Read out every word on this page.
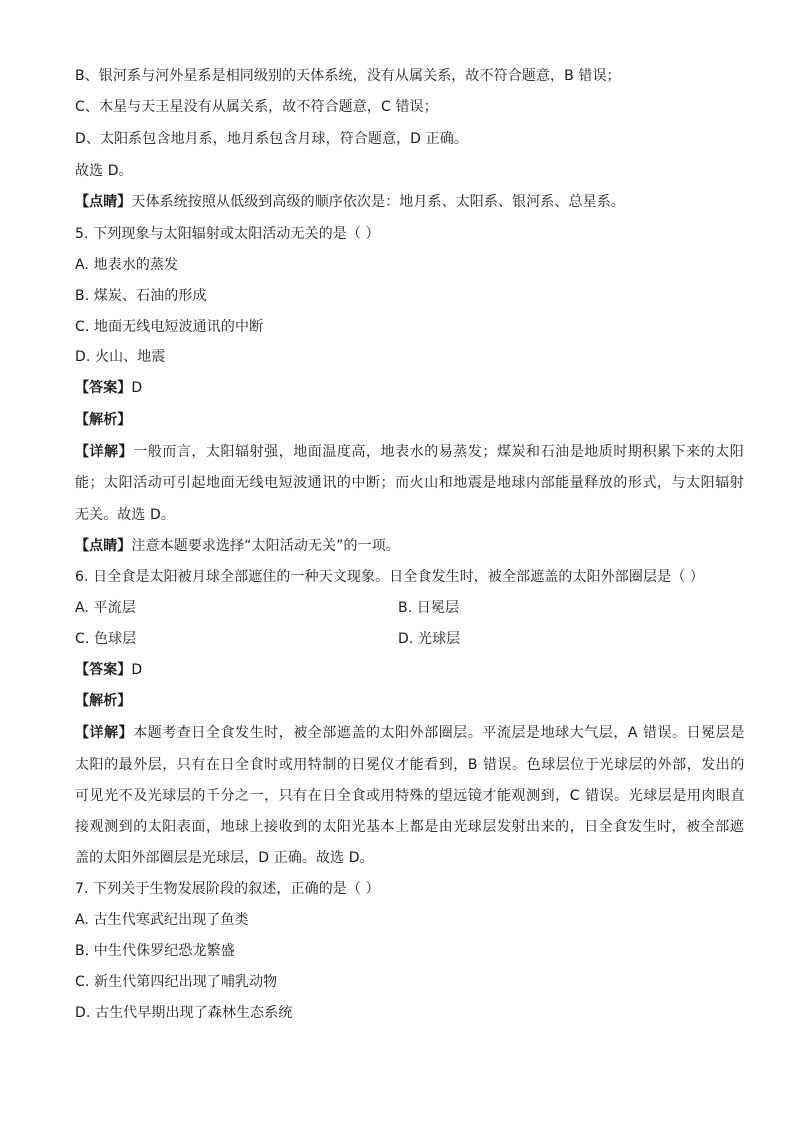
B、银河系与河外星系是相同级别的天体系统，没有从属关系，故不符合题意，B 错误；
C、木星与天王星没有从属关系，故不符合题意，C 错误；
D、太阳系包含地月系，地月系包含月球，符合题意，D 正确。
故选 D。
【点睛】天体系统按照从低级到高级的顺序依次是：地月系、太阳系、银河系、总星系。
5. 下列现象与太阳辐射或太阳活动无关的是（ ）
A. 地表水的蒸发
B. 煤炭、石油的形成
C. 地面无线电短波通讯的中断
D. 火山、地震
【答案】D
【解析】
【详解】一般而言，太阳辐射强，地面温度高，地表水的易蒸发；煤炭和石油是地质时期积累下来的太阳
能；太阳活动可引起地面无线电短波通讯的中断；而火山和地震是地球内部能量释放的形式，与太阳辐射
无关。故选 D。
【点睛】注意本题要求选择“太阳活动无关”的一项。
6. 日全食是太阳被月球全部遮住的一种天文现象。日全食发生时，被全部遮盖的太阳外部圈层是（ ）
A. 平流层	B. 日冕层
C. 色球层	D. 光球层
【答案】D
【解析】
【详解】本题考查日全食发生时，被全部遮盖的太阳外部圈层。平流层是地球大气层，A 错误。日冕层是
太阳的最外层，只有在日全食时或用特制的日冕仪才能看到，B 错误。色球层位于光球层的外部，发出的
可见光不及光球层的千分之一，只有在日全食或用特殊的望远镜才能观测到，C 错误。光球层是用肉眼直
接观测到的太阳表面，地球上接收到的太阳光基本上都是由光球层发射出来的，日全食发生时，被全部遮
盖的太阳外部圈层是光球层，D 正确。故选 D。
7. 下列关于生物发展阶段的叙述，正确的是（ ）
A. 古生代寒武纪出现了鱼类
B. 中生代侏罗纪恐龙繁盛
C. 新生代第四纪出现了哺乳动物
D. 古生代早期出现了森林生态系统
